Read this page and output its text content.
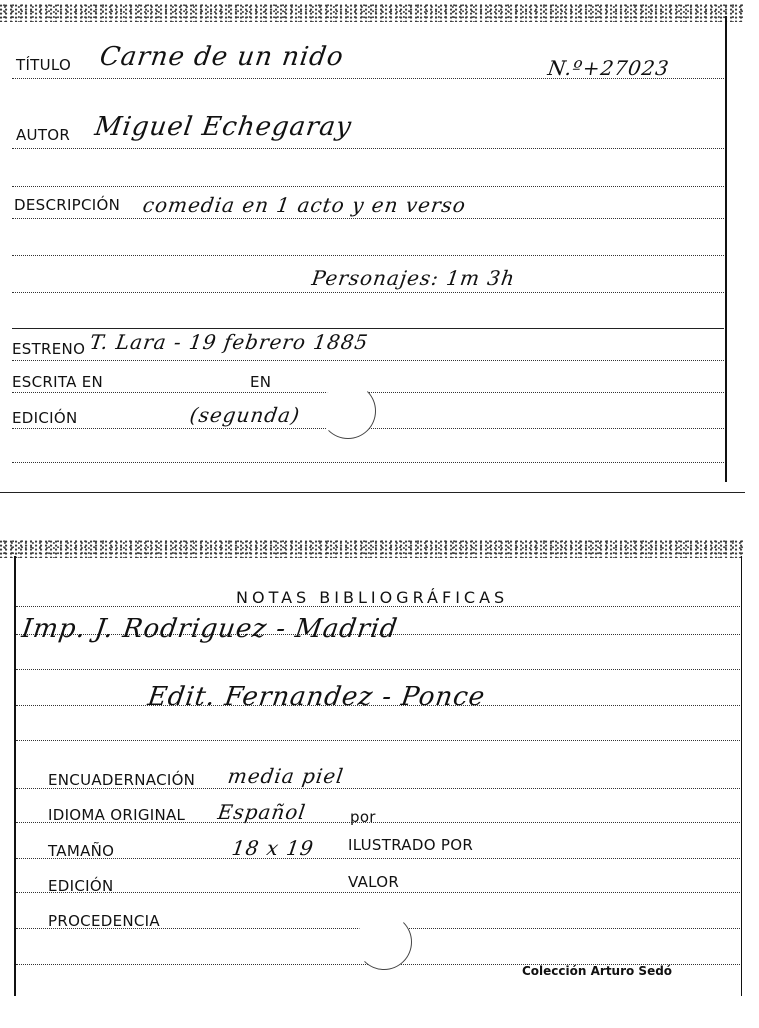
TÍTULO Carne de un nido	N.º+27023
AUTOR Miguel Echegaray
DESCRIPCIÓN comedia en 1 acto y en verso
Personajes: 1m 3h
ESTRENO T. Lara - 19 febrero 1885
ESCRITA EN	EN
EDICIÓN	(segunda)
NOTAS BIBLIOGRÁFICAS
Imp. J. Rodriguez - Madrid
Edit. Fernandez - Ponce
ENCUADERNACIÓN media piel
IDIOMA ORIGINAL Español	por
TAMAÑO	18 x 19 ILUSTRADO POR
EDICIÓN	VALOR
PROCEDENCIA
Colección Arturo Sedó
